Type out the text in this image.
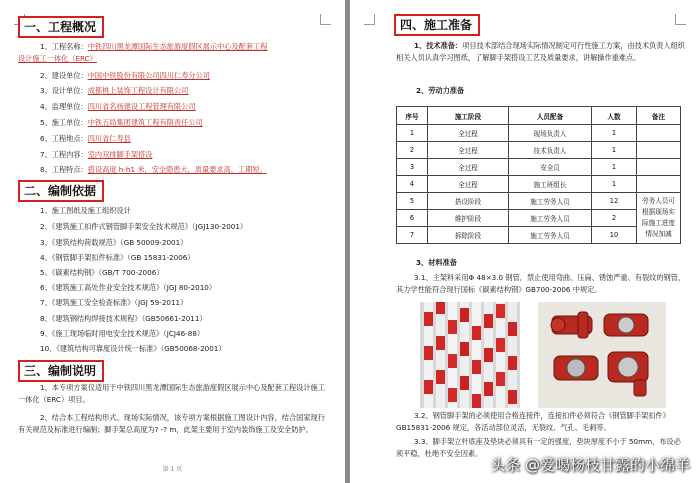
一、工程概况
1、工程名称：中铁四川黑龙潭国际生态旅游度假区展示中心及配套工程
设计施工一体化（ERC）
2、建设单位：中国中铁股份有限公司四川仁寿分公司
3、设计单位：成都桃上装饰工程设计有限公司
4、监理单位：四川省名扬建设工程管理有限公司
5、施工单位：中铁五局集团建筑工程有限责任公司
6、工程地点：四川省仁寿县
7、工程内容：室内双排脚手架搭设
8、工程特点：搭设高度 h-h1 米，安全隐患大，质量要求高，工期短。
二、编制依据
1、施工图纸及施工组织设计
2、《建筑施工扣件式钢管脚手架安全技术规范》（JGJ130-2001）
3、《建筑结构荷载规范》（GB 50009-2001）
4、《钢管脚手架扣件标准》（GB 15831-2006）
5、《碳素结构钢》（GB/T 700-2006）
6、《建筑施工高处作业安全技术规范》（JGJ 80-2010）
7、《建筑施工安全检查标准》（JGJ 59-2011）
8、《建筑钢结构焊接技术规程》（GB50661-2011）
9、《施工现场临时用电安全技术规范》（JCJ46-88）
10、《建筑结构可靠度设计统一标准》（GB50068-2001）
三、编制说明
1、本专项方案仅适用于中铁四川黑龙潭国际生态旅游度假区展示中心及配套工程设计施工一体化（ERC）项目。
2、结合本工程结构形式、现场实际情况，该专项方案根据施工图设计内容，结合国家现行有关规范及标准进行编制；脚手架总高度为? -? m，此架主要用于室内装饰施工及安全防护。
第 1 页
四、施工准备
1、技术准备：项目技术部结合现场实际情况制定可行性施工方案，由技术负责人组织相关人员认真学习图纸，了解脚手架搭设工艺及质量要求，讲解操作重难点。
2、劳动力准备
序号	施工阶段	人员配备	人数	备注
1	全过程	现场负责人	1	
2	全过程	技术负责人	1	
3	全过程	安全员	1	
4	全过程	施工班组长	1	
5	搭设阶段	施工劳务人员	12	劳务人员可根据现场实际施工进度情况加减
6	维护阶段	施工劳务人员	2	
7	拆除阶段	施工劳务人员	10	
3、材料准备
3.1、主架料采用Φ 48×3.0 钢管，禁止使用弯曲、压扁、锈蚀严重、有裂纹的钢管，其力学性能符合现行国标《碳素结构钢》GB700-2006 中规定。
3.2、钢管脚手架的必须使用合格连接件，连接扣件必须符合《钢管脚手架扣件》GB15831-2006 规定，各活动部位灵活，无裂纹、气孔、毛刺等。
3.3、脚手架立杆底座及垫块必须具有一定的强度，垫块厚度不小于 50mm，布设必须平稳，杜绝不安全因素。
头条 @爱喝杨枝甘露的小绵羊
